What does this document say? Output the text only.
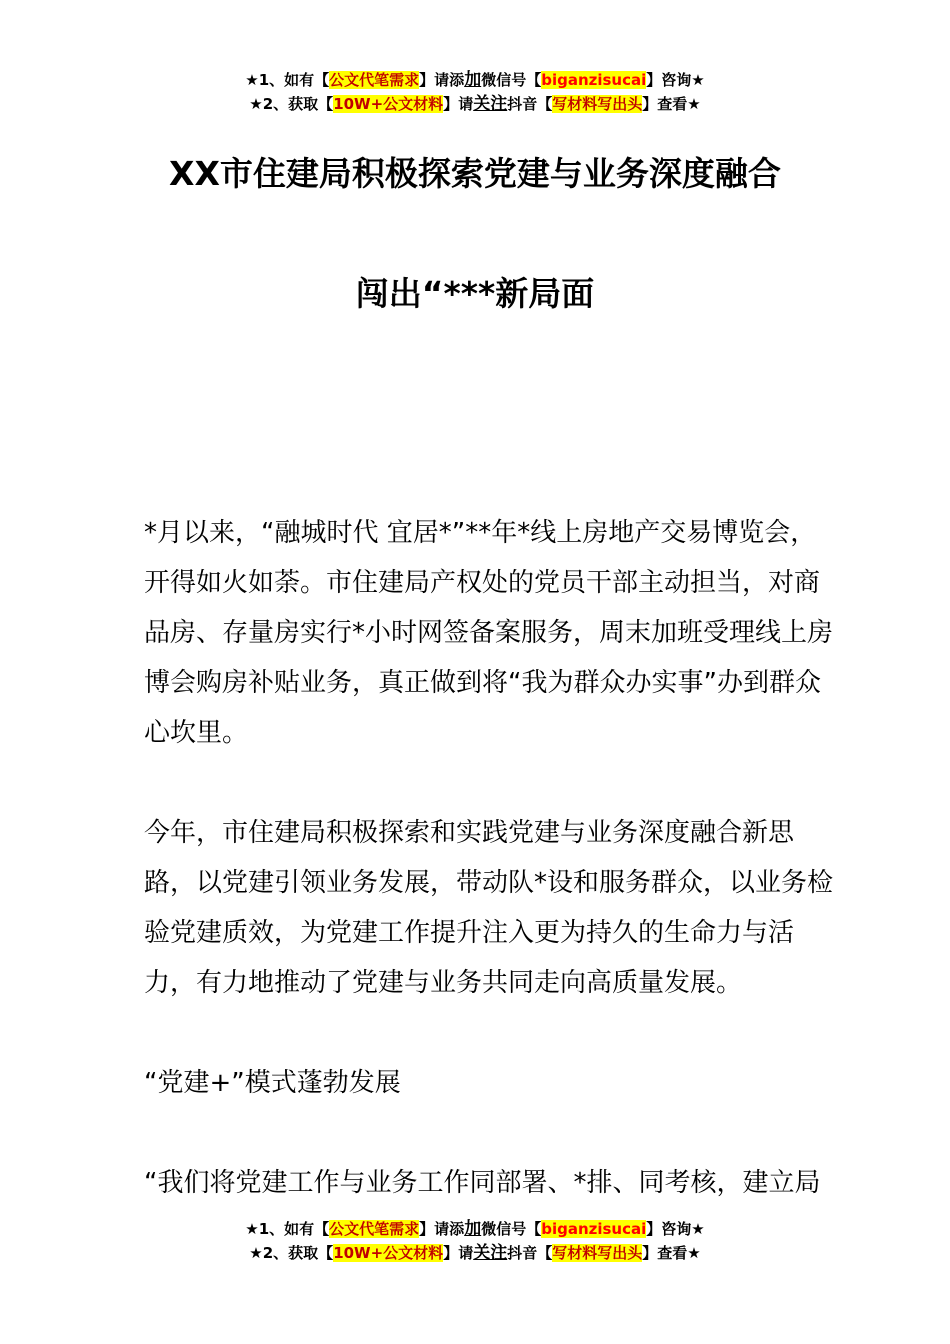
★1、如有【公文代笔需求】请添加微信号【biganzisucai】咨询★
★2、获取【10W+公文材料】请关注抖音【写材料写出头】查看★
XX市住建局积极探索党建与业务深度融合
闯出“***新局面

*月以来，“融城时代 宜居*”**年*线上房地产交易博览会，开得如火如荼。市住建局产权处的党员干部主动担当，对商品房、存量房实行*小时网签备案服务，周末加班受理线上房博会购房补贴业务，真正做到将“我为群众办实事”办到群众心坎里。

今年，市住建局积极探索和实践党建与业务深度融合新思路，以党建引领业务发展，带动队*设和服务群众，以业务检验党建质效，为党建工作提升注入更为持久的生命力与活力，有力地推动了党建与业务共同走向高质量发展。

“党建+”模式蓬勃发展

“我们将党建工作与业务工作同部署、*排、同考核，建立局

★1、如有【公文代笔需求】请添加微信号【biganzisucai】咨询★
★2、获取【10W+公文材料】请关注抖音【写材料写出头】查看★
